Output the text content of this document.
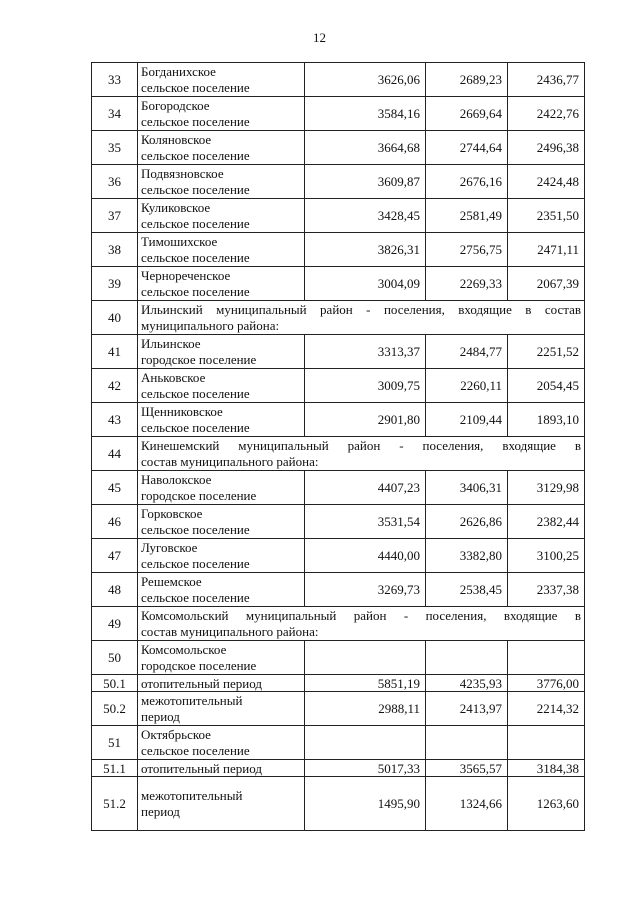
12
33	Богданихское
сельское поселение	3626,06	2689,23	2436,77
34	Богородское
сельское поселение	3584,16	2669,64	2422,76
35	Коляновское
сельское поселение	3664,68	2744,64	2496,38
36	Подвязновское
сельское поселение	3609,87	2676,16	2424,48
37	Куликовское
сельское поселение	3428,45	2581,49	2351,50
38	Тимошихское
сельское поселение	3826,31	2756,75	2471,11
39	Чернореченское
сельское поселение	3004,09	2269,33	2067,39
40	Ильинский муниципальный район - поселения, входящие в состав
муниципального района:			

41	Ильинское
городское поселение	3313,37	2484,77	2251,52
42	Аньковское
сельское поселение	3009,75	2260,11	2054,45
43	Щенниковское
сельское поселение	2901,80	2109,44	1893,10
44	Кинешемский муниципальный район - поселения, входящие в
состав муниципального района:			

45	Наволокское
городское поселение	4407,23	3406,31	3129,98
46	Горковское
сельское поселение	3531,54	2626,86	2382,44
47	Луговское
сельское поселение	4440,00	3382,80	3100,25
48	Решемское
сельское поселение	3269,73	2538,45	2337,38
49	Комсомольский муниципальный район - поселения, входящие в
состав муниципального района:			

50	Комсомольское
городское поселение			

50.1	отопительный период	5851,19	4235,93	3776,00
50.2	межотопительный
период	2988,11	2413,97	2214,32
51	Октябрьское
сельское поселение			

51.1	отопительный период	5017,33	3565,57	3184,38
51.2	межотопительный
период	1495,90	1324,66	1263,60
